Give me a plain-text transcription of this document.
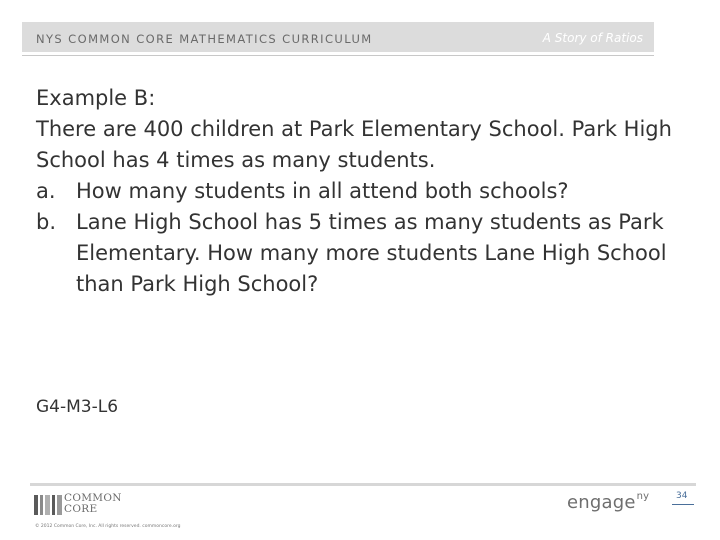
NYS COMMON CORE MATHEMATICS CURRICULUM	A Story of Ratios

Example B:

There are 400 children at Park Elementary School. Park High School has 4 times as many students.

a. How many students in all attend both schools?

b. Lane High School has 5 times as many students as Park Elementary. How many more students Lane High School than Park High School?

G4-M3-L6
COMMON
CORE
© 2012 Common Core, Inc. All rights reserved. commoncore.org
engage$^{ny}$	34
